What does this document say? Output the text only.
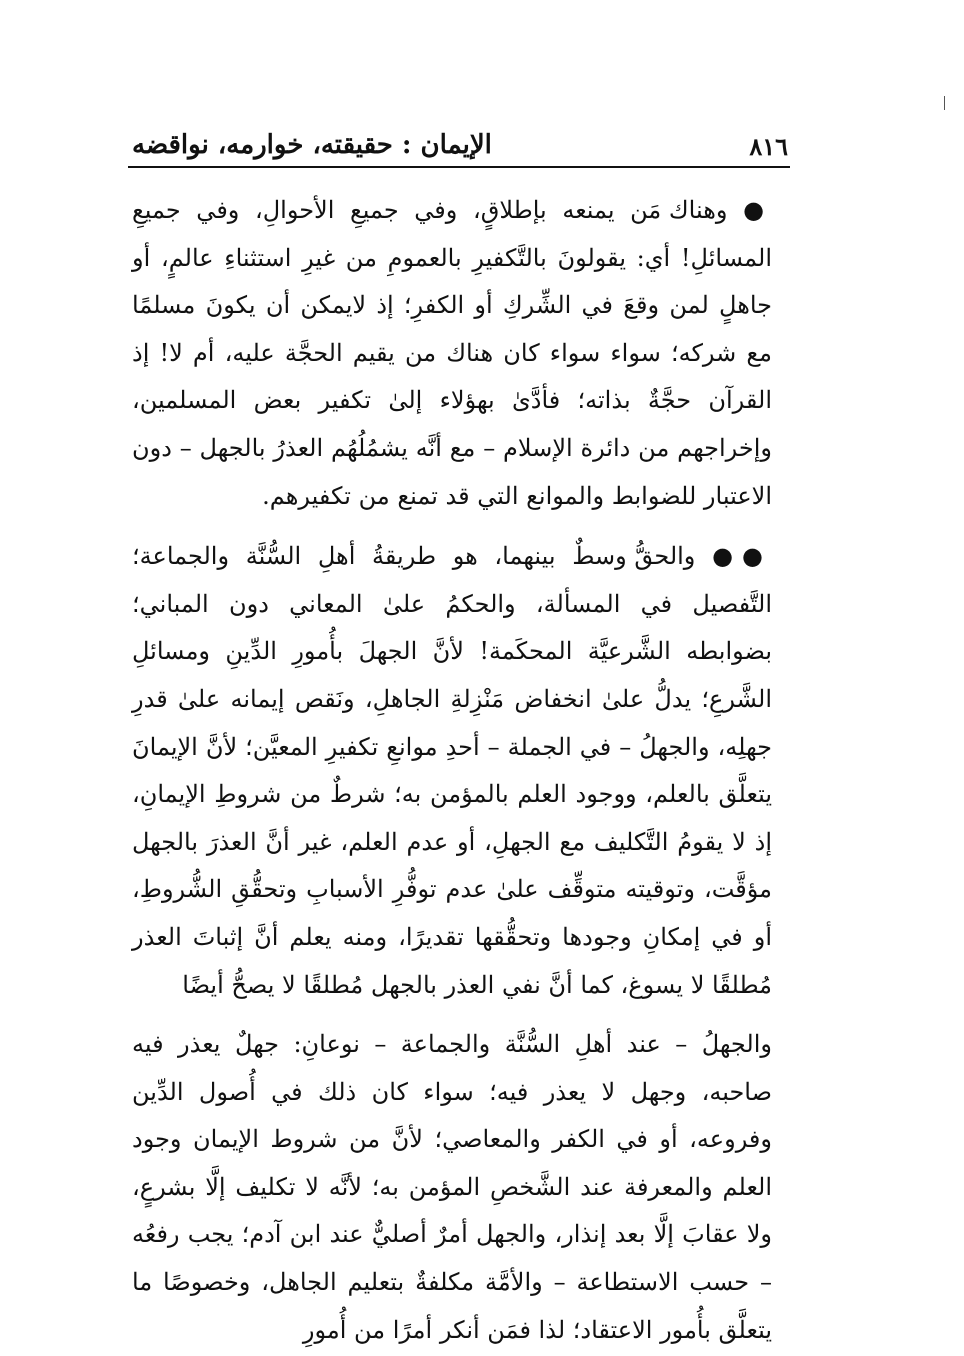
٨١٦
الإيمان : حقيقته، خوارمه، نواقضه

● وهناك مَن يمنعه بإطلاقٍ، وفي جميعِ الأحوالِ، وفي جميعِ المسائلِ! أي: يقولونَ بالتَّكفيرِ بالعمومِ من غيرِ استثناءِ عالمٍ، أو جاهلٍ لمن وقعَ في الشِّركِ أو الكفرِ؛ إذ لايمكن أن يكونَ مسلمًا مع شركه؛ سواء سواء كان هناك من يقيم الحجَّة عليه، أم لا! إذ القرآن حجَّةٌ بذاته؛ فأدَّىٰ بهؤلاء إلىٰ تكفير بعض المسلمين، وإخراجهم من دائرة الإسلام – مع أنَّه يشمُلُهُم العذرُ بالجهل – دون الاعتبار للضوابط والموانع التي قد تمنع من تكفيرهم.

●● والحقُّ وسطٌ بينهما، هو طريقةُ أهلِ السُّنَّة والجماعة؛ التَّفصيل في المسألة، والحكمُ علىٰ المعاني دون المباني؛ بضوابطه الشَّرعيَّة المحكَمة! لأنَّ الجهلَ بأُمورِ الدِّينِ ومسائلِ الشَّرعِ؛ يدلُّ علىٰ انخفاض مَنْزِلةِ الجاهلِ، ونَقص إيمانه علىٰ قدرِ جهلِه، والجهلُ – في الجملة – أحدِ موانعِ تكفيرِ المعيَّن؛ لأنَّ الإيمانَ يتعلَّق بالعلم، ووجود العلم بالمؤمن به؛ شرطٌ من شروطِ الإيمانِ، إذ لا يقومُ التَّكليف مع الجهلِ، أو عدم العلم، غير أنَّ العذرَ بالجهل مؤقَّت، وتوقيته متوقِّف علىٰ عدم توفُّرِ الأسبابِ وتحقُّقِ الشُّروطِ، أو في إمكانِ وجودها وتحقُّقها تقديرًا، ومنه يعلم أنَّ إثباتَ العذر مُطلقًا لا يسوغ، كما أنَّ نفي العذر بالجهل مُطلقًا لا يصحُّ أيضًا

والجهلُ – عند أهلِ السُّنَّة والجماعة – نوعانِ: جهلٌ يعذر فيه صاحبه، وجهل لا يعذر فيه؛ سواء كان ذلك في أُصول الدِّين وفروعه، أو في الكفر والمعاصي؛ لأنَّ من شروط الإيمان وجود العلم والمعرفة عند الشَّخصِ المؤمن به؛ لأنَّه لا تكليف إلَّا بشرعٍ، ولا عقابَ إلَّا بعد إنذار، والجهل أمرٌ أصليٌّ عند ابن آدم؛ يجب رفعُه – حسب الاستطاعة – والأمَّة مكلفةٌ بتعليم الجاهل، وخصوصًا ما يتعلَّق بأُمور الاعتقاد؛ لذا فمَن أنكر أمرًا من أُمورِ
